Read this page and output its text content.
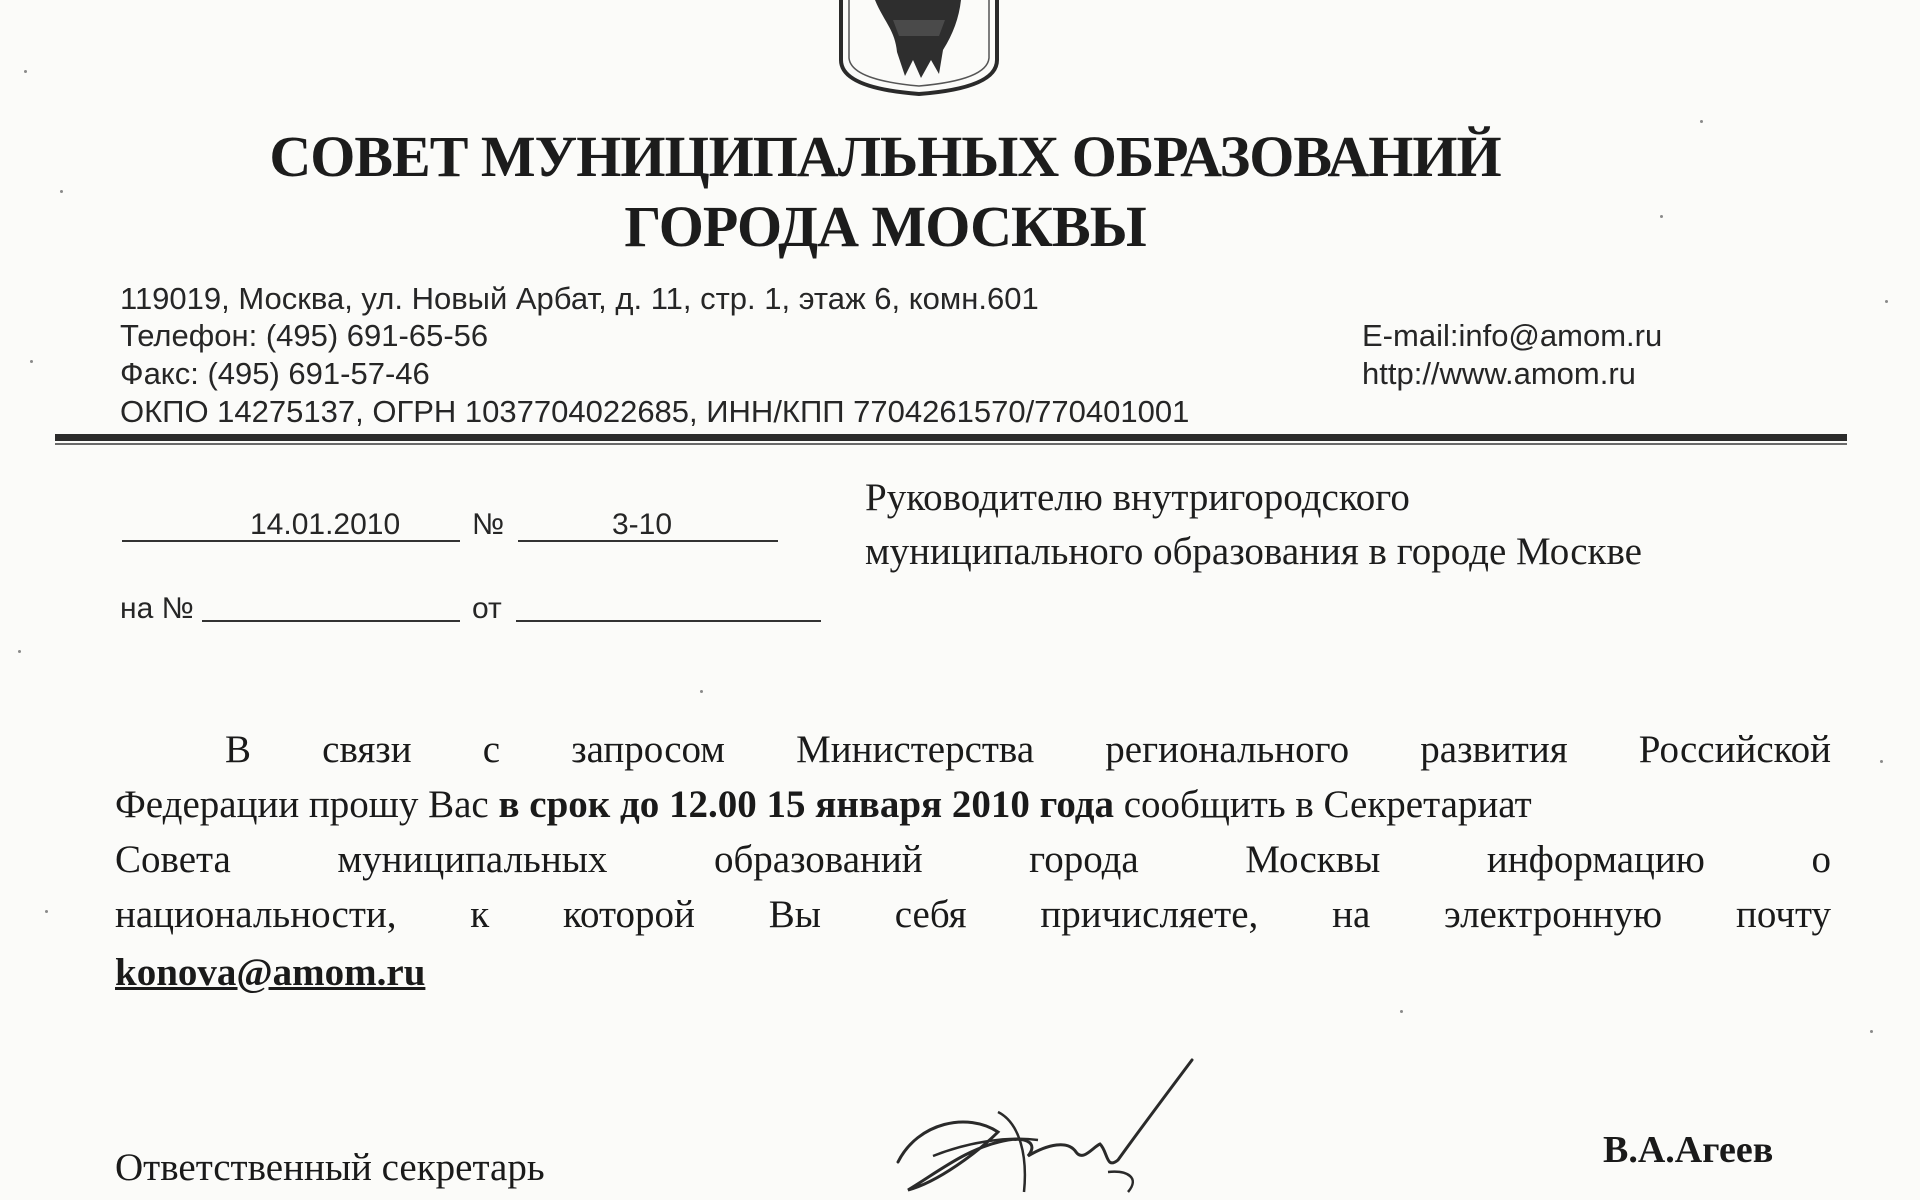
СОВЕТ МУНИЦИПАЛЬНЫХ ОБРАЗОВАНИЙ
ГОРОДА МОСКВЫ
119019, Москва, ул. Новый Арбат, д. 11, стр. 1, этаж 6, комн.601
Телефон: (495) 691-65-56
Факс: (495) 691-57-46
ОКПО 14275137, ОГРН 1037704022685, ИНН/КПП 7704261570/770401001
E-mail:info@amom.ru
http://www.amom.ru
14.01.2010 №	3-10
на №	от
Руководителю внутригородского
муниципального образования в городе Москве
В связи с запросом Министерства регионального развития Российской
Федерации прошу Вас в срок до 12.00 15 января 2010 года сообщить в Секретариат
Совета муниципальных образований города Москвы информацию о
национальности, к которой Вы себя причисляете, на электронную почту
konova@amom.ru
Ответственный секретарь	В.А.Агеев
